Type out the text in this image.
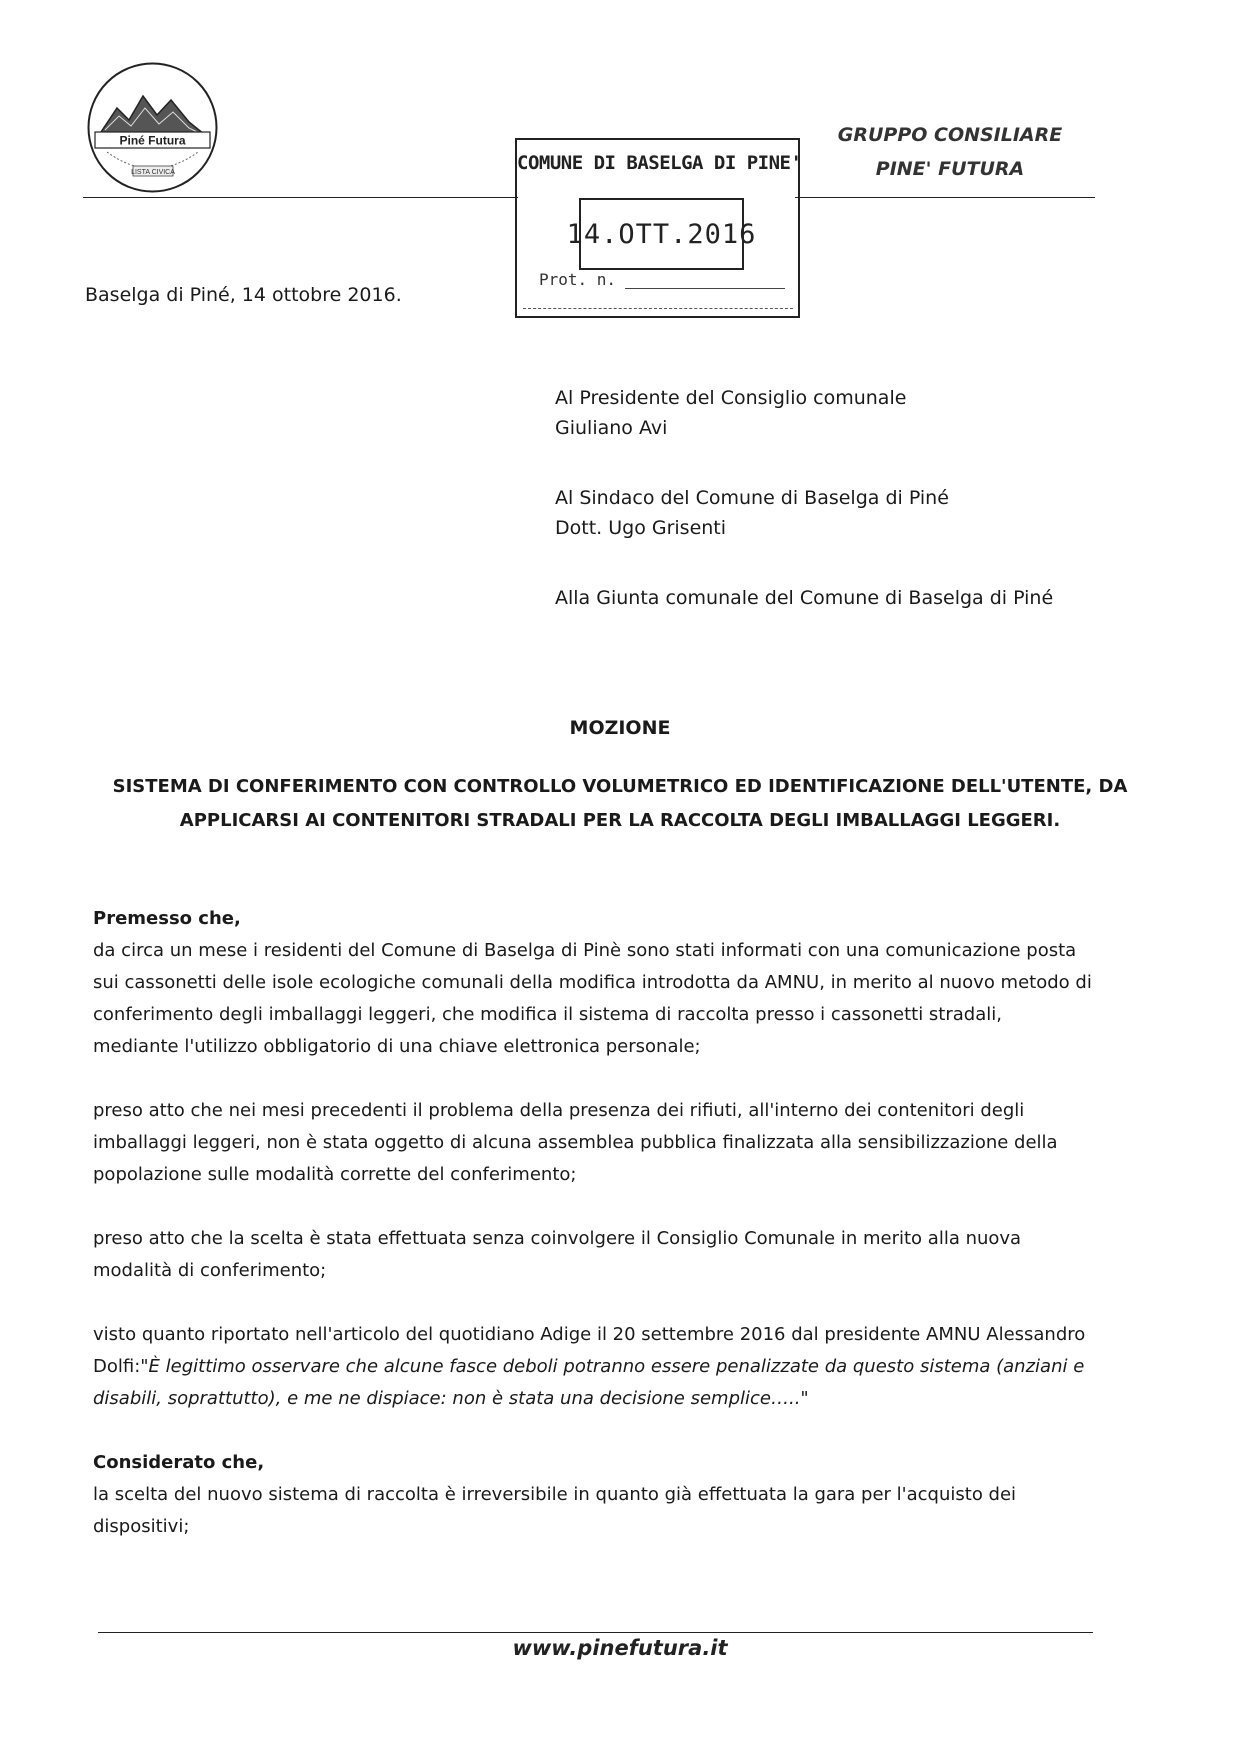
Piné Futura
LISTA CIVICA
GRUPPO CONSILIARE
PINE' FUTURA
COMUNE DI BASELGA DI PINE'
14.OTT.2016
Prot. n.
Baselga di Piné, 14 ottobre 2016.

Al Presidente del Consiglio comunale

Giuliano Avi

Al Sindaco del Comune di Baselga di Piné

Dott. Ugo Grisenti

Alla Giunta comunale del Comune di Baselga di Piné

MOZIONE
SISTEMA DI CONFERIMENTO CON CONTROLLO VOLUMETRICO ED IDENTIFICAZIONE DELL'UTENTE, DA
APPLICARSI AI CONTENITORI STRADALI PER LA RACCOLTA DEGLI IMBALLAGGI LEGGERI.

Premesso che,

da circa un mese i residenti del Comune di Baselga di Pinè sono stati informati con una comunicazione posta sui cassonetti delle isole ecologiche comunali della modifica introdotta da AMNU, in merito al nuovo metodo di conferimento degli imballaggi leggeri, che modifica il sistema di raccolta presso i cassonetti stradali, mediante l'utilizzo obbligatorio di una chiave elettronica personale;

preso atto che nei mesi precedenti il problema della presenza dei rifiuti, all'interno dei contenitori degli imballaggi leggeri, non è stata oggetto di alcuna assemblea pubblica finalizzata alla sensibilizzazione della popolazione sulle modalità corrette del conferimento;

preso atto che la scelta è stata effettuata senza coinvolgere il Consiglio Comunale in merito alla nuova modalità di conferimento;

visto quanto riportato nell'articolo del quotidiano Adige il 20 settembre 2016 dal presidente AMNU Alessandro Dolfi:"È legittimo osservare che alcune fasce deboli potranno essere penalizzate da questo sistema (anziani e disabili, soprattutto), e me ne dispiace: non è stata una decisione semplice….."

Considerato che,

la scelta del nuovo sistema di raccolta è irreversibile in quanto già effettuata la gara per l'acquisto dei dispositivi;

www.pinefutura.it
